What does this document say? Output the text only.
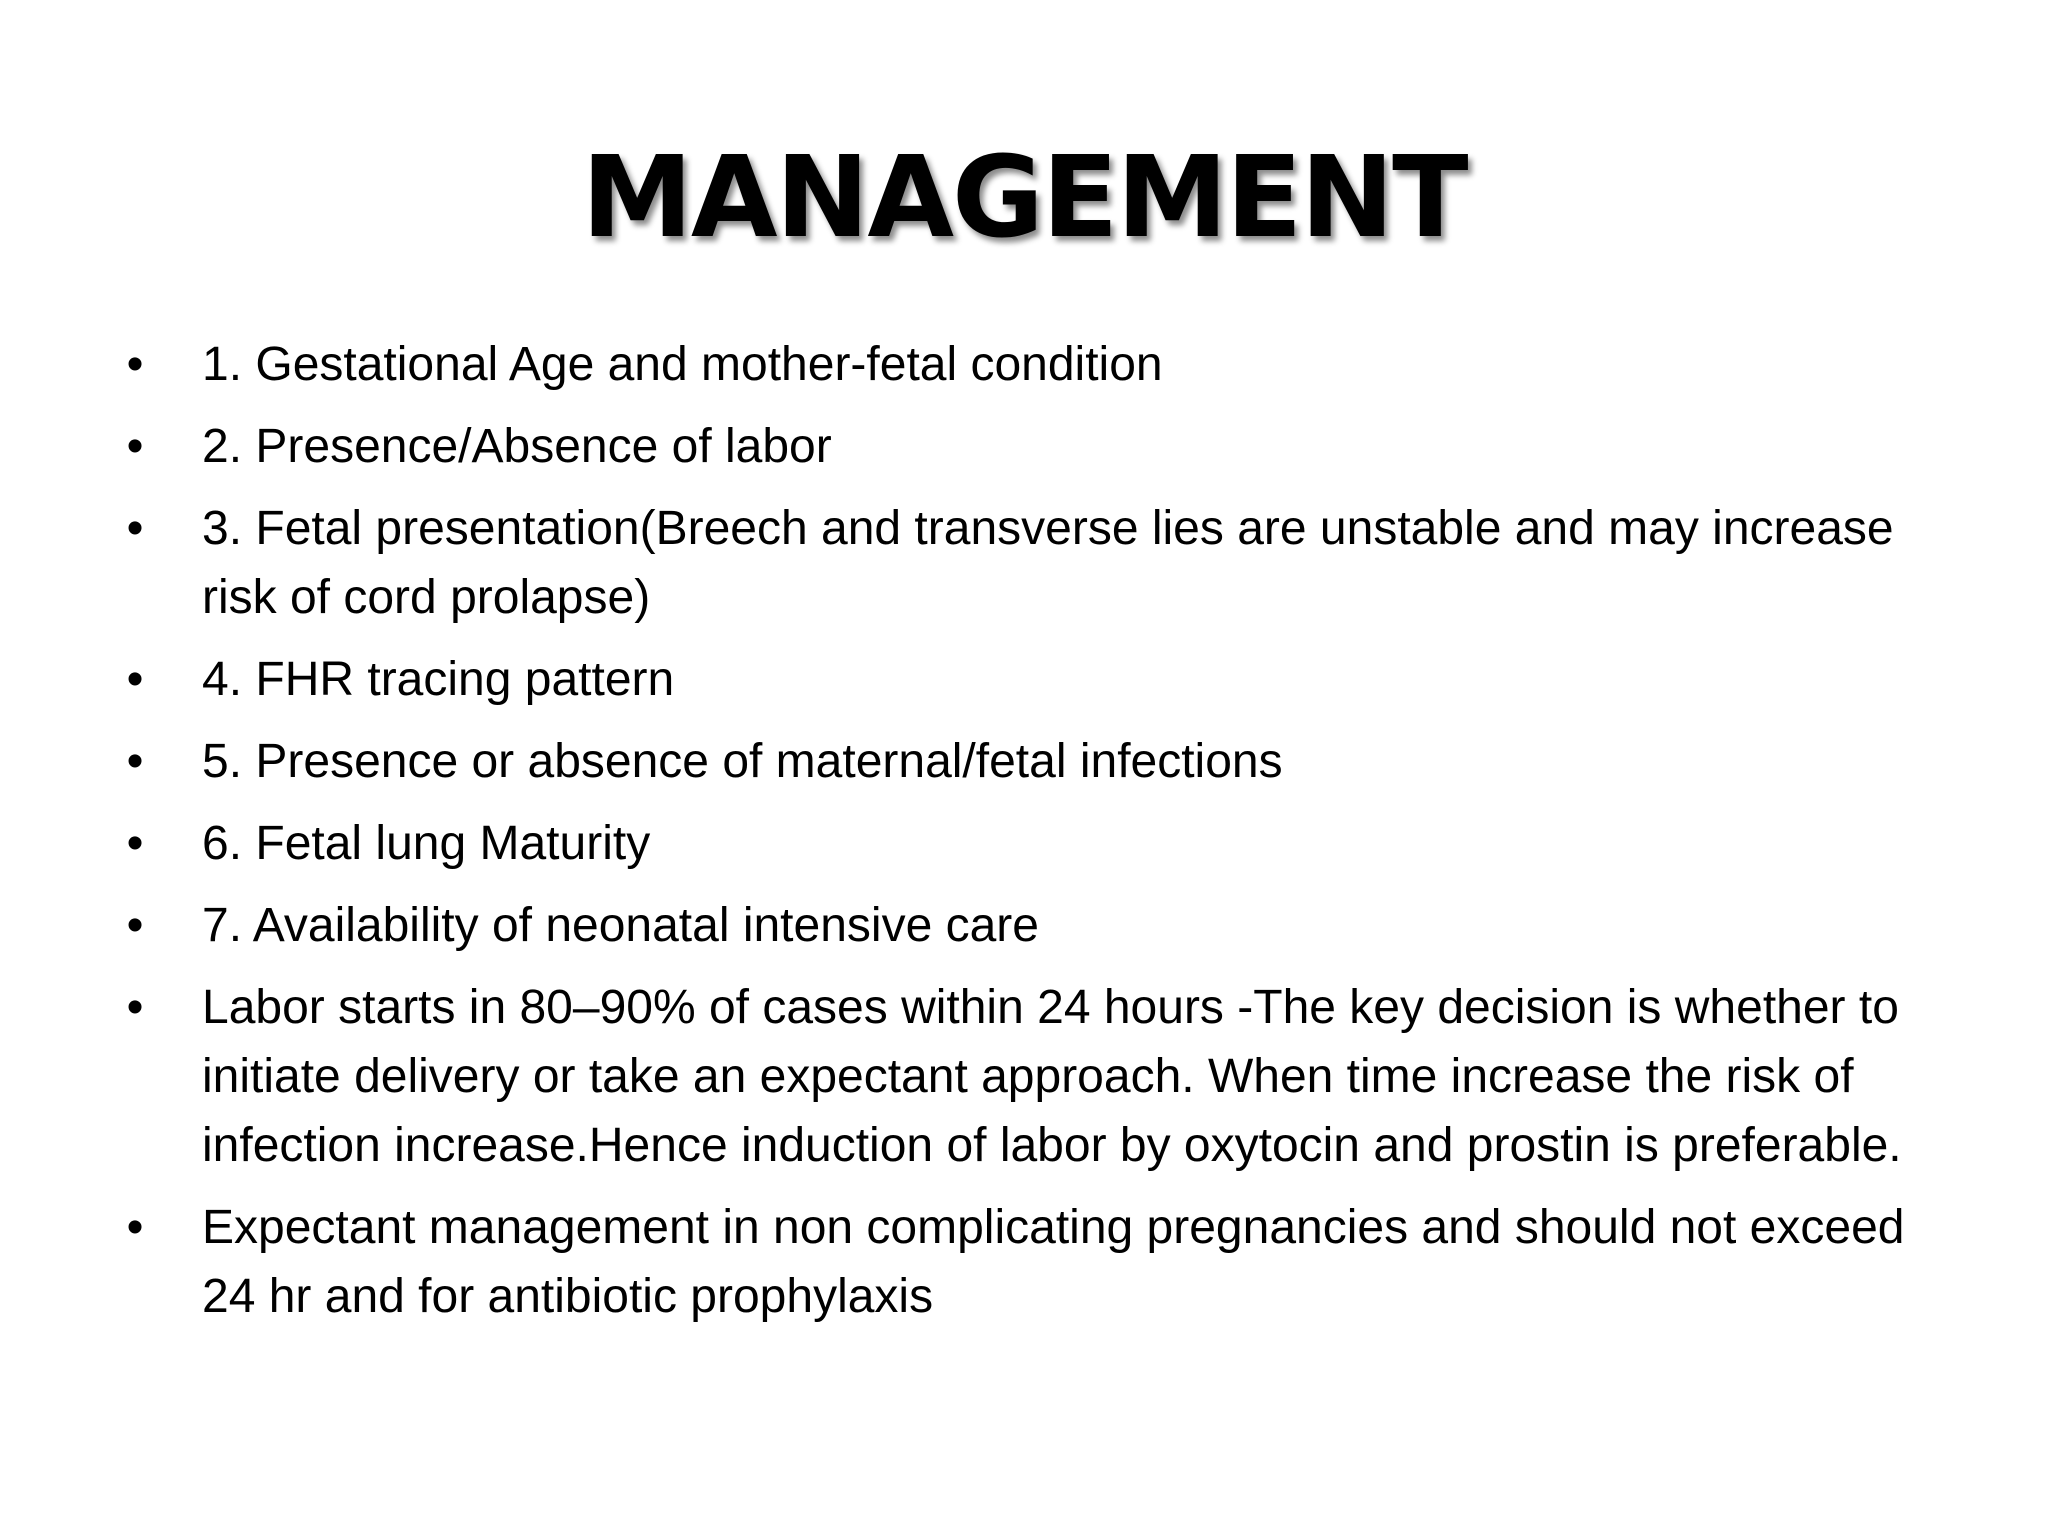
MANAGEMENT
• 1. Gestational Age and mother-fetal condition
• 2. Presence/Absence of labor
• 3. Fetal presentation(Breech and transverse lies are unstable and may increase risk of cord prolapse)
• 4. FHR tracing pattern
• 5. Presence or absence of maternal/fetal infections
• 6. Fetal lung Maturity
• 7. Availability of neonatal intensive care
• Labor starts in 80–90% of cases within 24 hours -The key decision is whether to initiate delivery or take an expectant approach. When time increase the risk of infection increase.Hence induction of labor by oxytocin and prostin is preferable.
• Expectant management in non complicating pregnancies and should not exceed 24 hr and for antibiotic prophylaxis
